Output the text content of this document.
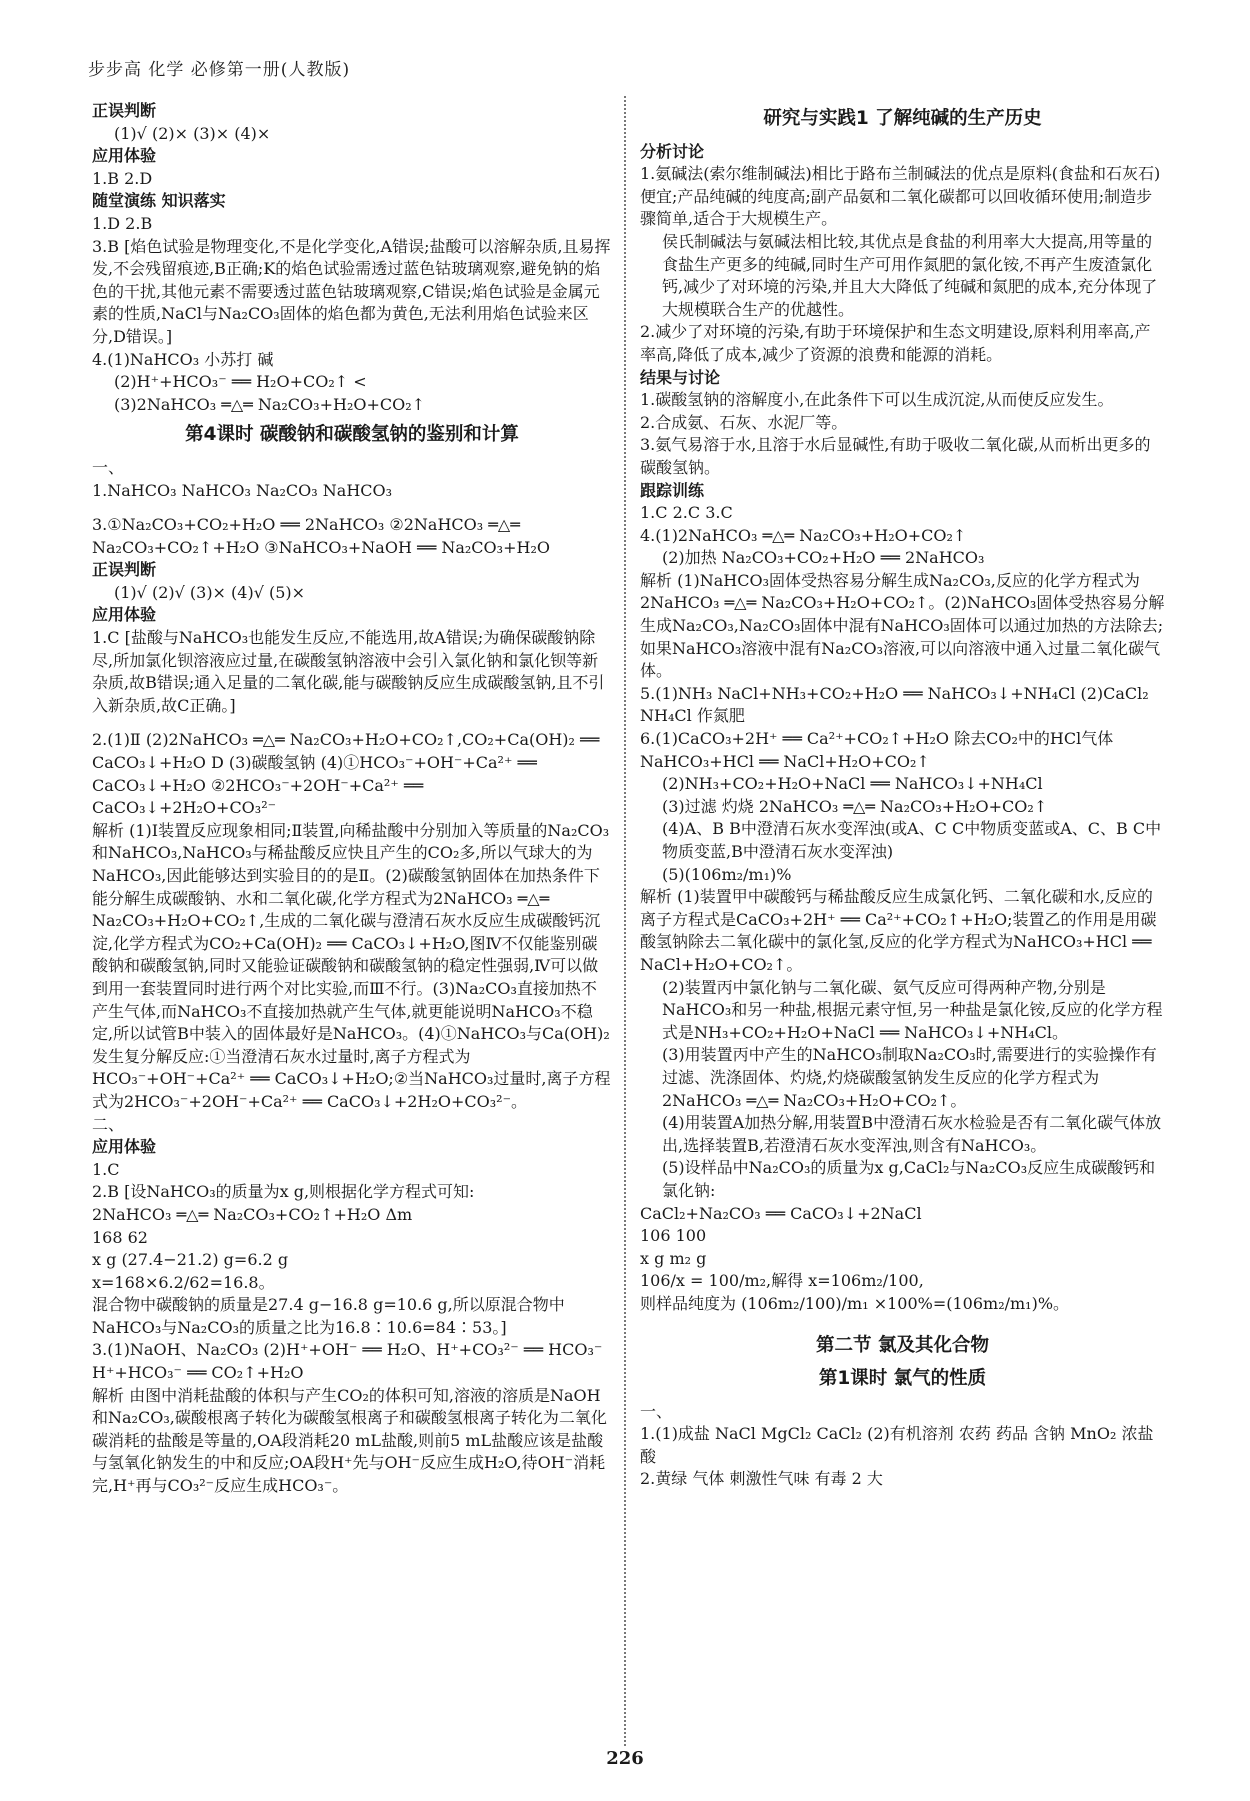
步步高 化学 必修第一册(人教版)
正误判断
(1)√ (2)× (3)× (4)×
应用体验
1.B 2.D
随堂演练 知识落实
1.D 2.B
3.B [焰色试验是物理变化,不是化学变化,A错误;盐酸可以溶解杂质,且易挥发,不会残留痕迹,B正确;K的焰色试验需透过蓝色钴玻璃观察,避免钠的焰色的干扰,其他元素不需要透过蓝色钴玻璃观察,C错误;焰色试验是金属元素的性质,NaCl与Na₂CO₃固体的焰色都为黄色,无法利用焰色试验来区分,D错误。]
4.(1)NaHCO₃ 小苏打 碱
(2)H⁺+HCO₃⁻ ══ H₂O+CO₂↑ <
(3)2NaHCO₃ ═△═ Na₂CO₃+H₂O+CO₂↑
第4课时 碳酸钠和碳酸氢钠的鉴别和计算
一、
1.NaHCO₃ NaHCO₃ Na₂CO₃ NaHCO₃
3.①Na₂CO₃+CO₂+H₂O ══ 2NaHCO₃ ②2NaHCO₃ ═△═ Na₂CO₃+CO₂↑+H₂O ③NaHCO₃+NaOH ══ Na₂CO₃+H₂O
正误判断
(1)√ (2)√ (3)× (4)√ (5)×
应用体验
1.C [盐酸与NaHCO₃也能发生反应,不能选用,故A错误;为确保碳酸钠除尽,所加氯化钡溶液应过量,在碳酸氢钠溶液中会引入氯化钠和氯化钡等新杂质,故B错误;通入足量的二氧化碳,能与碳酸钠反应生成碳酸氢钠,且不引入新杂质,故C正确。]
2.(1)Ⅱ (2)2NaHCO₃ ═△═ Na₂CO₃+H₂O+CO₂↑,CO₂+Ca(OH)₂ ══ CaCO₃↓+H₂O D (3)碳酸氢钠 (4)①HCO₃⁻+OH⁻+Ca²⁺ ══ CaCO₃↓+H₂O ②2HCO₃⁻+2OH⁻+Ca²⁺ ══ CaCO₃↓+2H₂O+CO₃²⁻
解析 (1)Ⅰ装置反应现象相同;Ⅱ装置,向稀盐酸中分别加入等质量的Na₂CO₃和NaHCO₃,NaHCO₃与稀盐酸反应快且产生的CO₂多,所以气球大的为NaHCO₃,因此能够达到实验目的的是Ⅱ。(2)碳酸氢钠固体在加热条件下能分解生成碳酸钠、水和二氧化碳,化学方程式为2NaHCO₃ ═△═ Na₂CO₃+H₂O+CO₂↑,生成的二氧化碳与澄清石灰水反应生成碳酸钙沉淀,化学方程式为CO₂+Ca(OH)₂ ══ CaCO₃↓+H₂O,图Ⅳ不仅能鉴别碳酸钠和碳酸氢钠,同时又能验证碳酸钠和碳酸氢钠的稳定性强弱,Ⅳ可以做到用一套装置同时进行两个对比实验,而Ⅲ不行。(3)Na₂CO₃直接加热不产生气体,而NaHCO₃不直接加热就产生气体,就更能说明NaHCO₃不稳定,所以试管B中装入的固体最好是NaHCO₃。(4)①NaHCO₃与Ca(OH)₂发生复分解反应:①当澄清石灰水过量时,离子方程式为HCO₃⁻+OH⁻+Ca²⁺ ══ CaCO₃↓+H₂O;②当NaHCO₃过量时,离子方程式为2HCO₃⁻+2OH⁻+Ca²⁺ ══ CaCO₃↓+2H₂O+CO₃²⁻。
二、
应用体验
1.C
2.B [设NaHCO₃的质量为x g,则根据化学方程式可知:
2NaHCO₃ ═△═ Na₂CO₃+CO₂↑+H₂O Δm
168 62
x g (27.4−21.2) g=6.2 g
x=168×6.2/62=16.8。
混合物中碳酸钠的质量是27.4 g−16.8 g=10.6 g,所以原混合物中NaHCO₃与Na₂CO₃的质量之比为16.8∶10.6=84∶53。]
3.(1)NaOH、Na₂CO₃ (2)H⁺+OH⁻ ══ H₂O、H⁺+CO₃²⁻ ══ HCO₃⁻ H⁺+HCO₃⁻ ══ CO₂↑+H₂O
解析 由图中消耗盐酸的体积与产生CO₂的体积可知,溶液的溶质是NaOH和Na₂CO₃,碳酸根离子转化为碳酸氢根离子和碳酸氢根离子转化为二氧化碳消耗的盐酸是等量的,OA段消耗20 mL盐酸,则前5 mL盐酸应该是盐酸与氢氧化钠发生的中和反应;OA段H⁺先与OH⁻反应生成H₂O,待OH⁻消耗完,H⁺再与CO₃²⁻反应生成HCO₃⁻。
研究与实践1 了解纯碱的生产历史
分析讨论
1.氨碱法(索尔维制碱法)相比于路布兰制碱法的优点是原料(食盐和石灰石)便宜;产品纯碱的纯度高;副产品氨和二氧化碳都可以回收循环使用;制造步骤简单,适合于大规模生产。
侯氏制碱法与氨碱法相比较,其优点是食盐的利用率大大提高,用等量的食盐生产更多的纯碱,同时生产可用作氮肥的氯化铵,不再产生废渣氯化钙,减少了对环境的污染,并且大大降低了纯碱和氮肥的成本,充分体现了大规模联合生产的优越性。
2.减少了对环境的污染,有助于环境保护和生态文明建设,原料利用率高,产率高,降低了成本,减少了资源的浪费和能源的消耗。
结果与讨论
1.碳酸氢钠的溶解度小,在此条件下可以生成沉淀,从而使反应发生。
2.合成氨、石灰、水泥厂等。
3.氨气易溶于水,且溶于水后显碱性,有助于吸收二氧化碳,从而析出更多的碳酸氢钠。
跟踪训练
1.C 2.C 3.C
4.(1)2NaHCO₃ ═△═ Na₂CO₃+H₂O+CO₂↑
(2)加热 Na₂CO₃+CO₂+H₂O ══ 2NaHCO₃
解析 (1)NaHCO₃固体受热容易分解生成Na₂CO₃,反应的化学方程式为2NaHCO₃ ═△═ Na₂CO₃+H₂O+CO₂↑。(2)NaHCO₃固体受热容易分解生成Na₂CO₃,Na₂CO₃固体中混有NaHCO₃固体可以通过加热的方法除去;如果NaHCO₃溶液中混有Na₂CO₃溶液,可以向溶液中通入过量二氧化碳气体。
5.(1)NH₃ NaCl+NH₃+CO₂+H₂O ══ NaHCO₃↓+NH₄Cl (2)CaCl₂ NH₄Cl 作氮肥
6.(1)CaCO₃+2H⁺ ══ Ca²⁺+CO₂↑+H₂O 除去CO₂中的HCl气体 NaHCO₃+HCl ══ NaCl+H₂O+CO₂↑
(2)NH₃+CO₂+H₂O+NaCl ══ NaHCO₃↓+NH₄Cl
(3)过滤 灼烧 2NaHCO₃ ═△═ Na₂CO₃+H₂O+CO₂↑
(4)A、B B中澄清石灰水变浑浊(或A、C C中物质变蓝或A、C、B C中物质变蓝,B中澄清石灰水变浑浊)
(5)(106m₂/m₁)%
解析 (1)装置甲中碳酸钙与稀盐酸反应生成氯化钙、二氧化碳和水,反应的离子方程式是CaCO₃+2H⁺ ══ Ca²⁺+CO₂↑+H₂O;装置乙的作用是用碳酸氢钠除去二氧化碳中的氯化氢,反应的化学方程式为NaHCO₃+HCl ══ NaCl+H₂O+CO₂↑。
(2)装置丙中氯化钠与二氧化碳、氨气反应可得两种产物,分别是NaHCO₃和另一种盐,根据元素守恒,另一种盐是氯化铵,反应的化学方程式是NH₃+CO₂+H₂O+NaCl ══ NaHCO₃↓+NH₄Cl。
(3)用装置丙中产生的NaHCO₃制取Na₂CO₃时,需要进行的实验操作有过滤、洗涤固体、灼烧,灼烧碳酸氢钠发生反应的化学方程式为2NaHCO₃ ═△═ Na₂CO₃+H₂O+CO₂↑。
(4)用装置A加热分解,用装置B中澄清石灰水检验是否有二氧化碳气体放出,选择装置B,若澄清石灰水变浑浊,则含有NaHCO₃。
(5)设样品中Na₂CO₃的质量为x g,CaCl₂与Na₂CO₃反应生成碳酸钙和氯化钠:
CaCl₂+Na₂CO₃ ══ CaCO₃↓+2NaCl
106 100
x g m₂ g
106/x = 100/m₂,解得 x=106m₂/100,
则样品纯度为 (106m₂/100)/m₁ ×100%=(106m₂/m₁)%。
第二节 氯及其化合物
第1课时 氯气的性质
一、
1.(1)成盐 NaCl MgCl₂ CaCl₂ (2)有机溶剂 农药 药品 含钠 MnO₂ 浓盐酸
2.黄绿 气体 刺激性气味 有毒 2 大
226
